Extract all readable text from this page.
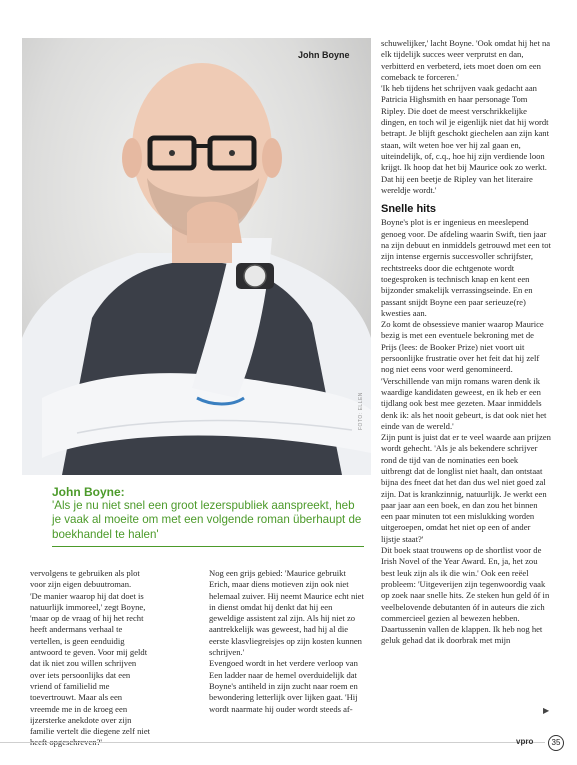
John Boyne
FOTO: ELLEN

schuwelijker,' lacht Boyne. 'Ook omdat hij het na elk tijdelijk succes weer verprutst en dan, verbitterd en verbeterd, iets moet doen om een comeback te forceren.'

'Ik heb tijdens het schrijven vaak gedacht aan Patricia Highsmith en haar personage Tom Ripley. Die doet de meest verschrikkelijke dingen, en toch wil je eigenlijk niet dat hij wordt betrapt. Je blijft geschokt giechelen aan zijn kant staan, wilt weten hoe ver hij zal gaan en, uiteindelijk, of, c.q., hoe hij zijn verdiende loon krijgt. Ik hoop dat het bij Maurice ook zo werkt. Dat hij een beetje de Ripley van het literaire wereldje wordt.'

Snelle hits

Boyne's plot is er ingenieus en meeslepend genoeg voor. De afdeling waarin Swift, tien jaar na zijn debuut en inmiddels getrouwd met een tot zijn intense ergernis succesvoller schrijfster, rechtstreeks door die echtgenote wordt toegesproken is technisch knap en kent een bijzonder smakelijk verrassingseinde. En en passant snijdt Boyne een paar serieuze(re) kwesties aan.

Zo komt de obsessieve manier waarop Maurice bezig is met een eventuele bekroning met de Prijs (lees: de Booker Prize) niet voort uit persoonlijke frustratie over het feit dat hij zelf nog niet eens voor werd genomineerd. 'Verschillende van mijn romans waren denk ik waardige kandidaten geweest, en ik heb er een tijdlang ook best mee gezeten. Maar inmiddels denk ik: als het nooit gebeurt, is dat ook niet het einde van de wereld.'

Zijn punt is juist dat er te veel waarde aan prijzen wordt gehecht. 'Als je als bekendere schrijver rond de tijd van de nominaties een boek uitbrengt dat de longlist niet haalt, dan ontstaat bijna des fneet dat het dan dus wel niet goed zal zijn. Dat is krankzinnig, natuurlijk. Je werkt een paar jaar aan een boek, en dan zou het binnen een paar minuten tot een mislukking worden uitgeroepen, omdat het niet op een of ander lijstje staat?'

Dit boek staat trouwens op de shortlist voor de Irish Novel of the Year Award. En, ja, het zou best leuk zijn als ik die win.' Ook een reëel probleem: 'Uitgeverijen zijn tegenwoordig vaak op zoek naar snelle hits. Ze steken hun geld óf in veelbelovende debutanten óf in auteurs die zich commercieel gezien al bewezen hebben. Daartussenin vallen de klappen. Ik heb nog het geluk gehad dat ik doorbrak met mijn

John Boyne:
'Als je nu niet snel een groot lezerspubliek aanspreekt, heb je vaak al moeite om met een volgende roman überhaupt de boekhandel te halen'

vervolgens te gebruiken als plot voor zijn eigen debuutroman.

'De manier waarop hij dat doet is natuurlijk immoreel,' zegt Boyne, 'maar op de vraag of hij het recht heeft andermans verhaal te vertellen, is geen eenduidig antwoord te geven. Voor mij geldt dat ik niet zou willen schrijven over iets persoonlijks dat een vriend of familielid me toevertrouwt. Maar als een vreemde me in de kroeg een ijzersterke anekdote over zijn familie vertelt die diegene zelf niet

Nog een grijs gebied: 'Maurice gebruikt Erich, maar diens motieven zijn ook niet helemaal zuiver. Hij neemt Maurice echt niet in dienst omdat hij denkt dat hij een geweldige assistent zal zijn. Als hij niet zo aantrekkelijk was geweest, had hij al die eerste klasvliegreisjes op zijn kosten kunnen schrijven.'

Evengoed wordt in het verdere verloop van Een ladder naar de hemel overduidelijk dat Boyne's antiheld in zijn zucht naar roem en bewondering letterlijk over lijken gaat. 'Hij wordt naarmate hij ouder wordt steeds af-	▶
vpro	35
